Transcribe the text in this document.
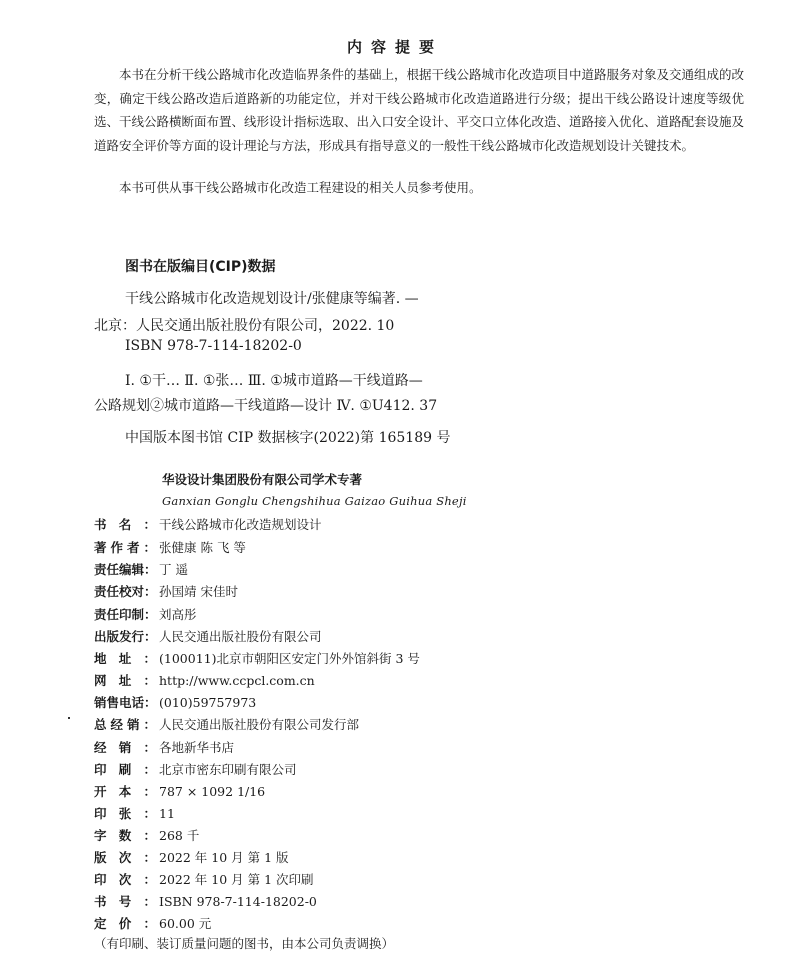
内容提要
本书在分析干线公路城市化改造临界条件的基础上，根据干线公路城市化改造项目中道路服务对象及交通组成的改变，确定干线公路改造后道路新的功能定位，并对干线公路城市化改造道路进行分级；提出干线公路设计速度等级优选、干线公路横断面布置、线形设计指标选取、出入口安全设计、平交口立体化改造、道路接入优化、道路配套设施及道路安全评价等方面的设计理论与方法，形成具有指导意义的一般性干线公路城市化改造规划设计关键技术。
本书可供从事干线公路城市化改造工程建设的相关人员参考使用。
图书在版编目(CIP)数据
干线公路城市化改造规划设计/张健康等编著. —
北京：人民交通出版社股份有限公司，2022. 10
ISBN 978-7-114-18202-0
Ⅰ. ①干… Ⅱ. ①张… Ⅲ. ①城市道路—干线道路—
公路规划②城市道路—干线道路—设计 Ⅳ. ①U412. 37
中国版本图书馆 CIP 数据核字(2022)第 165189 号
华设设计集团股份有限公司学术专著
Ganxian Gonglu Chengshihua Gaizao Guihua Sheji
书名： 干线公路城市化改造规划设计
著作者： 张健康 陈 飞 等
责任编辑： 丁 遥
责任校对： 孙国靖 宋佳时
责任印制： 刘高彤
出版发行： 人民交通出版社股份有限公司
地址： (100011)北京市朝阳区安定门外外馆斜街 3 号
网址： http://www.ccpcl.com.cn
销售电话： (010)59757973
总经销： 人民交通出版社股份有限公司发行部
经销： 各地新华书店
印刷： 北京市密东印刷有限公司
开本： 787 × 1092 1/16
印张： 11
字数： 268 千
版次： 2022 年 10 月 第 1 版
印次： 2022 年 10 月 第 1 次印刷
书号： ISBN 978-7-114-18202-0
定价： 60.00 元
（有印刷、装订质量问题的图书，由本公司负责调换）
